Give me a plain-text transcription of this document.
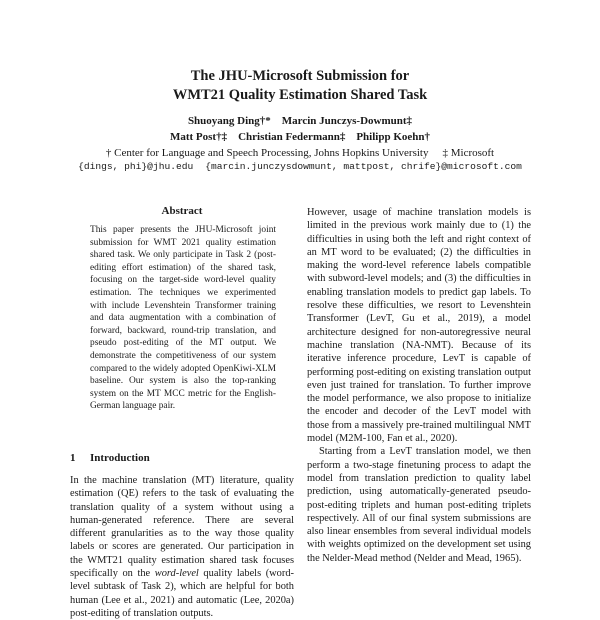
The JHU-Microsoft Submission for
WMT21 Quality Estimation Shared Task
Shuoyang Ding†*    Marcin Junczys-Dowmunt‡
Matt Post†‡    Christian Federmann‡    Philipp Koehn†
† Center for Language and Speech Processing, Johns Hopkins University ‡ Microsoft
{dings, phi}@jhu.edu {marcin.junczysdowmunt, mattpost, chrife}@microsoft.com
Abstract
This paper presents the JHU-Microsoft joint submission for WMT 2021 quality estimation shared task. We only participate in Task 2 (post-editing effort estimation) of the shared task, focusing on the target-side word-level quality estimation. The techniques we experimented with include Levenshtein Transformer training and data augmentation with a combination of forward, backward, round-trip translation, and pseudo post-editing of the MT output. We demonstrate the competitiveness of our system compared to the widely adopted OpenKiwi-XLM baseline. Our system is also the top-ranking system on the MT MCC metric for the English-German language pair.
1 Introduction

In the machine translation (MT) literature, quality estimation (QE) refers to the task of evaluating the translation quality of a system without using a human-generated reference. There are several different granularities as to the way those quality labels or scores are generated. Our participation in the WMT21 quality estimation shared task focuses specifically on the word-level quality labels (word-level subtask of Task 2), which are helpful for both human (Lee et al., 2021) and automatic (Lee, 2020a) post-editing of translation outputs.

However, usage of machine translation models is limited in the previous work mainly due to (1) the difficulties in using both the left and right context of an MT word to be evaluated; (2) the difficulties in making the word-level reference labels compatible with subword-level models; and (3) the difficulties in enabling translation models to predict gap labels. To resolve these difficulties, we resort to Levenshtein Transformer (LevT, Gu et al., 2019), a model architecture designed for non-autoregressive neural machine translation (NA-NMT). Because of its iterative inference procedure, LevT is capable of performing post-editing on existing translation output even just trained for translation. To further improve the model performance, we also propose to initialize the encoder and decoder of the LevT model with those from a massively pre-trained multilingual NMT model (M2M-100, Fan et al., 2020).

Starting from a LevT translation model, we then perform a two-stage finetuning process to adapt the model from translation prediction to quality label prediction, using automatically-generated pseudo-post-editing triplets and human post-editing triplets respectively. All of our final system submissions are also linear ensembles from several individual models with weights optimized on the development set using the Nelder-Mead method (Nelder and Mead, 1965).
